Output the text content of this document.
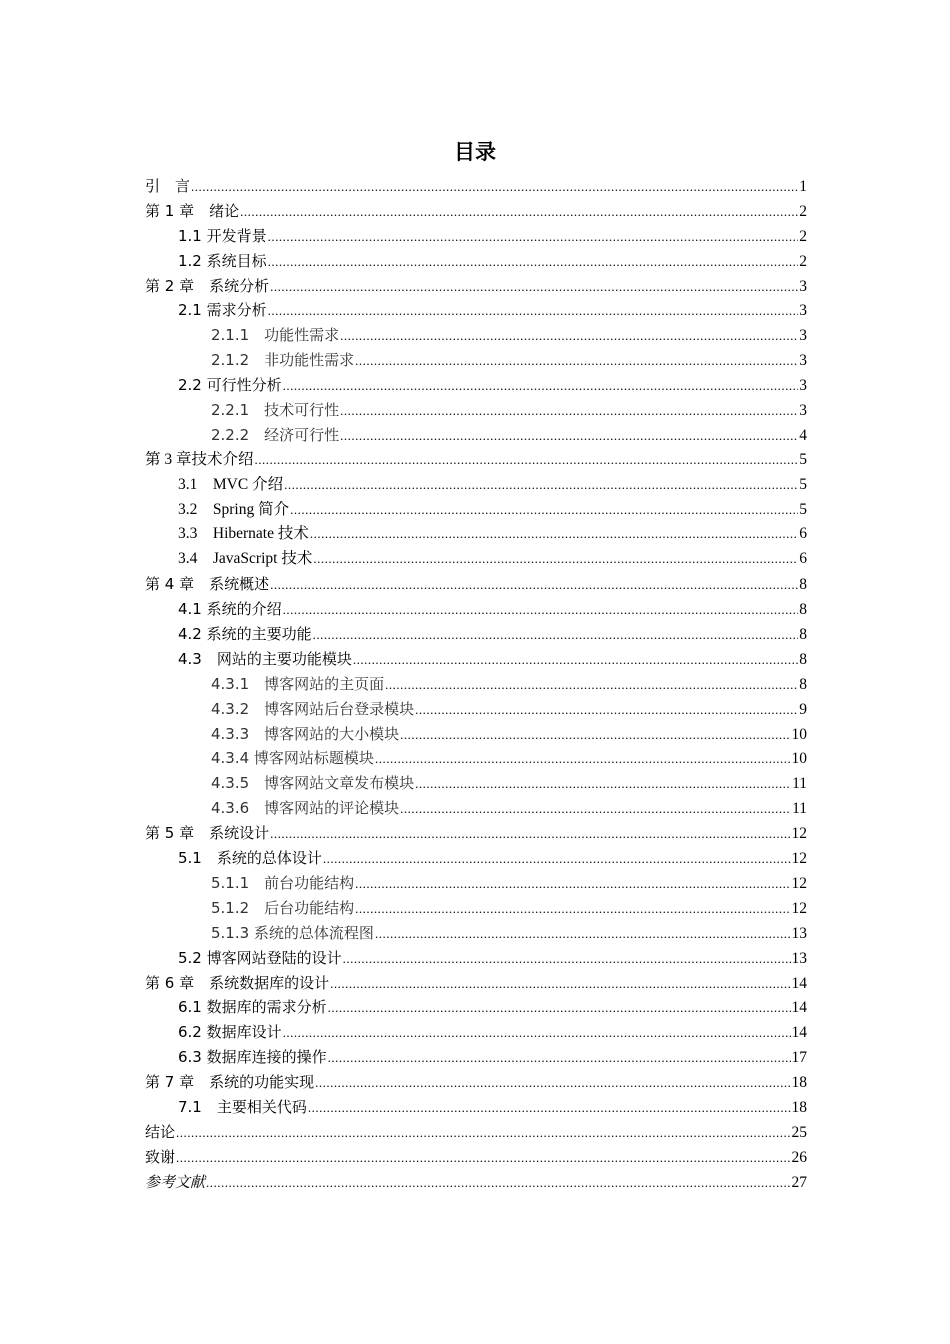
目录
引　言 .....	1
第 1 章　绪论 .....	2
1.1 开发背景 .....	2
1.2 系统目标 .....	2
第 2 章　系统分析 .....	3
2.1 需求分析 .....	3
2.1.1　功能性需求 .....	3
2.1.2　非功能性需求 .....	3
2.2 可行性分析 .....	3
2.2.1　技术可行性 .....	3
2.2.2　经济可行性 .....	4
第 3 章技术介绍 .....	5
3.1　MVC 介绍 .....	5
3.2　Spring 简介 .....	5
3.3　Hibernate 技术 .....	6
3.4　JavaScript 技术 .....	6
第 4 章　系统概述 .....	8
4.1 系统的介绍 .....	8
4.2 系统的主要功能 .....	8
4.3　网站的主要功能模块 .....	8
4.3.1　博客网站的主页面 .....	8
4.3.2　博客网站后台登录模块 .....	9
4.3.3　博客网站的大小模块 .....	10
4.3.4 博客网站标题模块 .....	10
4.3.5　博客网站文章发布模块 .....	11
4.3.6　博客网站的评论模块 .....	11
第 5 章　系统设计 .....	12
5.1　系统的总体设计 .....	12
5.1.1　前台功能结构 .....	12
5.1.2　后台功能结构 .....	12
5.1.3 系统的总体流程图 .....	13
5.2 博客网站登陆的设计 .....	13
第 6 章　系统数据库的设计 .....	14
6.1 数据库的需求分析 .....	14
6.2 数据库设计 .....	14
6.3 数据库连接的操作 .....	17
第 7 章　系统的功能实现 .....	18
7.1　主要相关代码 .....	18
结论 .....	25
致谢 .....	26
参考文献 .....	27
